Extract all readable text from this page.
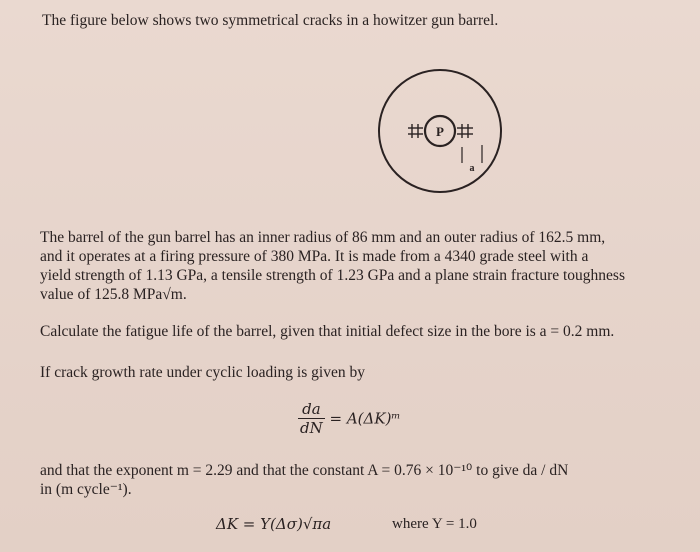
The figure below shows two symmetrical cracks in a howitzer gun barrel.

P
a
The barrel of the gun barrel has an inner radius of 86 mm and an outer radius of 162.5 mm,
and it operates at a firing pressure of 380 MPa. It is made from a 4340 grade steel with a
yield strength of 1.13 GPa, a tensile strength of 1.23 GPa and a plane strain fracture toughness
value of 125.8 MPa√m.

Calculate the fatigue life of the barrel, given that initial defect size in the bore is a = 0.2 mm.

If crack growth rate under cyclic loading is given by

$\frac{da}{dN}$ = A(ΔK)ᵐ
and that the exponent m = 2.29 and that the constant A = 0.76 × 10⁻¹⁰ to give da / dN
in (m cycle⁻¹).
ΔK = Y(Δσ)√πa	where Y = 1.0
